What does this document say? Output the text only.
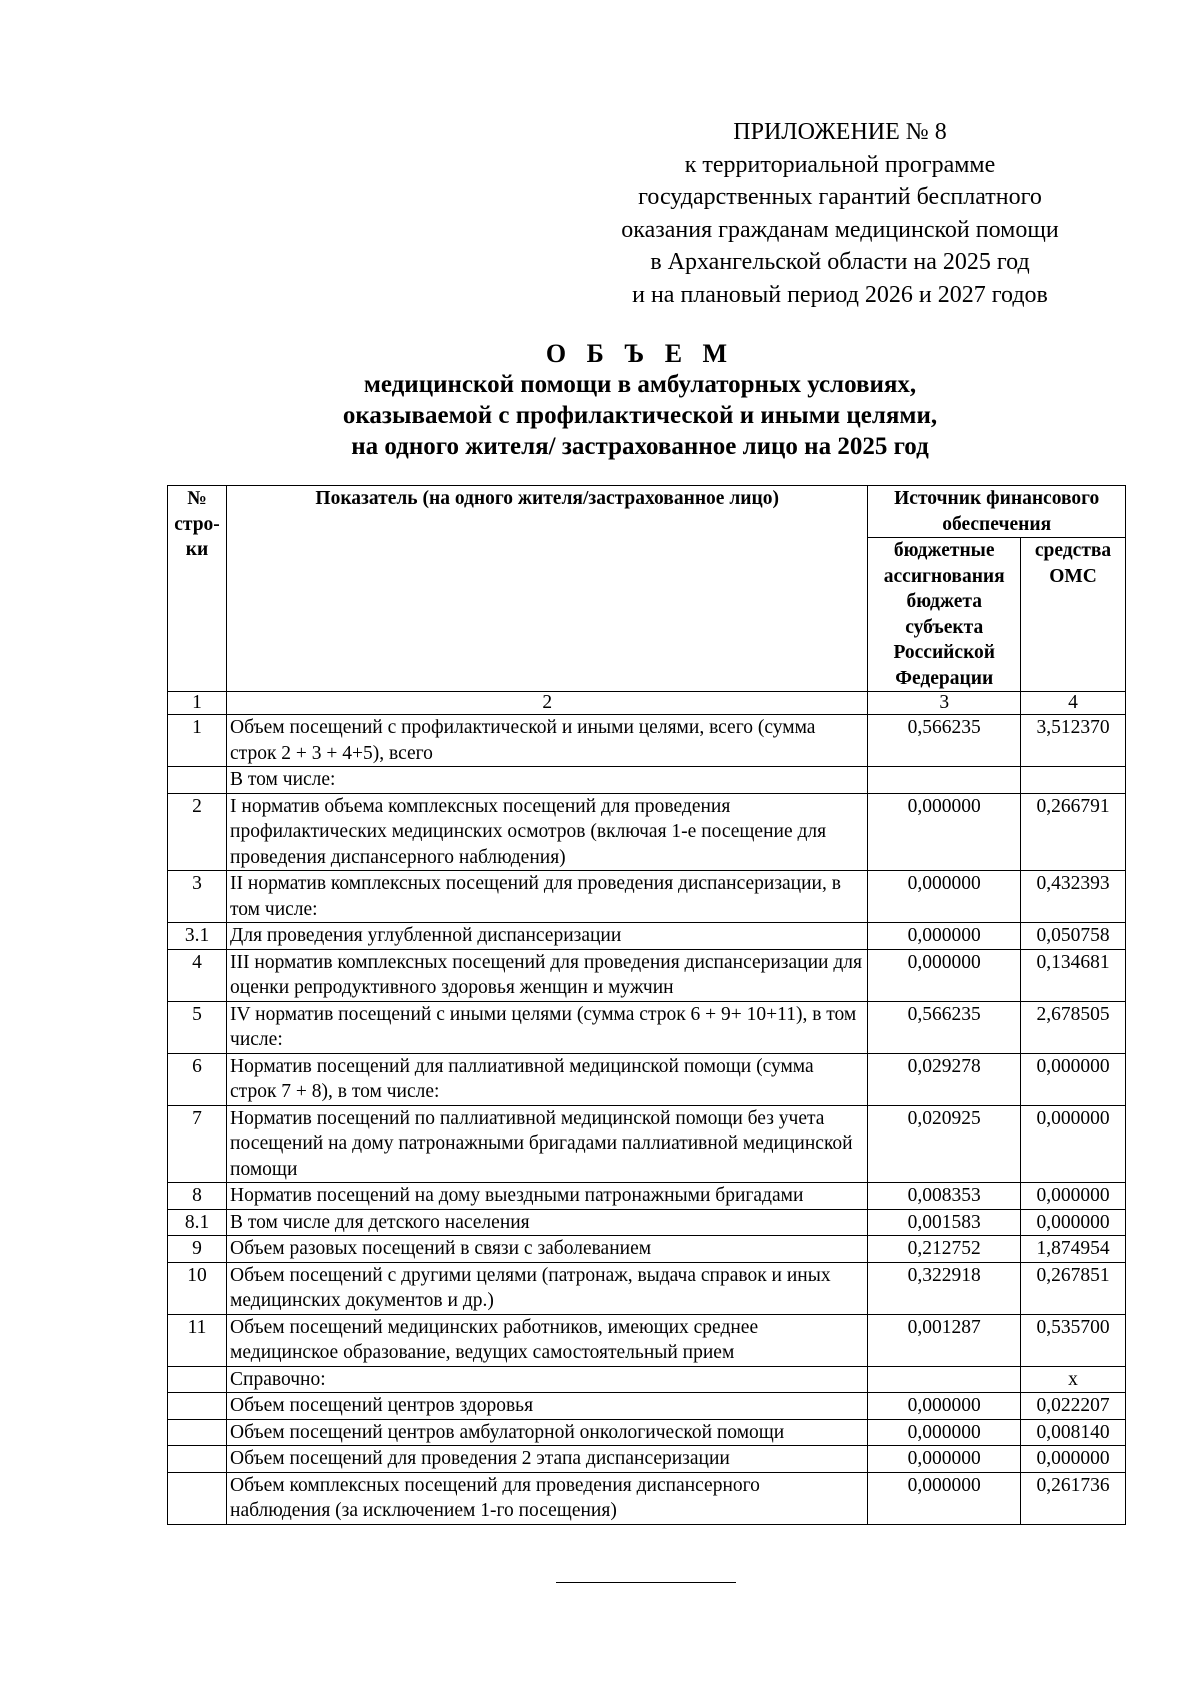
ПРИЛОЖЕНИЕ № 8
к территориальной программе
государственных гарантий бесплатного
оказания гражданам медицинской помощи
в Архангельской области на 2025 год
и на плановый период 2026 и 2027 годов
О Б Ъ Е М
медицинской помощи в амбулаторных условиях,
оказываемой с профилактической и иными целями,
на одного жителя/ застрахованное лицо на 2025 год
№ стро-ки	Показатель (на одного жителя/застрахованное лицо)	Источник финансового обеспечения	
		бюджетные ассигнования бюджета субъекта Российской Федерации	средства ОМС
1	2	3	4
1	Объем посещений с профилактической и иными целями, всего (сумма строк 2 + 3 + 4+5), всего	0,566235	3,512370
	В том числе:		
2	I норматив объема комплексных посещений для проведения профилактических медицинских осмотров (включая 1-е посещение для проведения диспансерного наблюдения)	0,000000	0,266791
3	II норматив комплексных посещений для проведения диспансеризации, в том числе:	0,000000	0,432393
3.1	Для проведения углубленной диспансеризации	0,000000	0,050758
4	III норматив комплексных посещений для проведения диспансеризации для оценки репродуктивного здоровья женщин и мужчин	0,000000	0,134681
5	IV норматив посещений с иными целями (сумма строк 6 + 9+ 10+11), в том числе:	0,566235	2,678505
6	Норматив посещений для паллиативной медицинской помощи (сумма строк 7 + 8), в том числе:	0,029278	0,000000
7	Норматив посещений по паллиативной медицинской помощи без учета посещений на дому патронажными бригадами паллиативной медицинской помощи	0,020925	0,000000
8	Норматив посещений на дому выездными патронажными бригадами	0,008353	0,000000
8.1	В том числе для детского населения	0,001583	0,000000
9	Объем разовых посещений в связи с заболеванием	0,212752	1,874954
10	Объем посещений с другими целями (патронаж, выдача справок и иных медицинских документов и др.)	0,322918	0,267851
11	Объем посещений медицинских работников, имеющих среднее медицинское образование, ведущих самостоятельный прием	0,001287	0,535700
	Справочно:		х
	Объем посещений центров здоровья	0,000000	0,022207
	Объем посещений центров амбулаторной онкологической помощи	0,000000	0,008140
	Объем посещений для проведения 2 этапа диспансеризации	0,000000	0,000000
	Объем комплексных посещений для проведения диспансерного наблюдения (за исключением 1-го посещения)	0,000000	0,261736
